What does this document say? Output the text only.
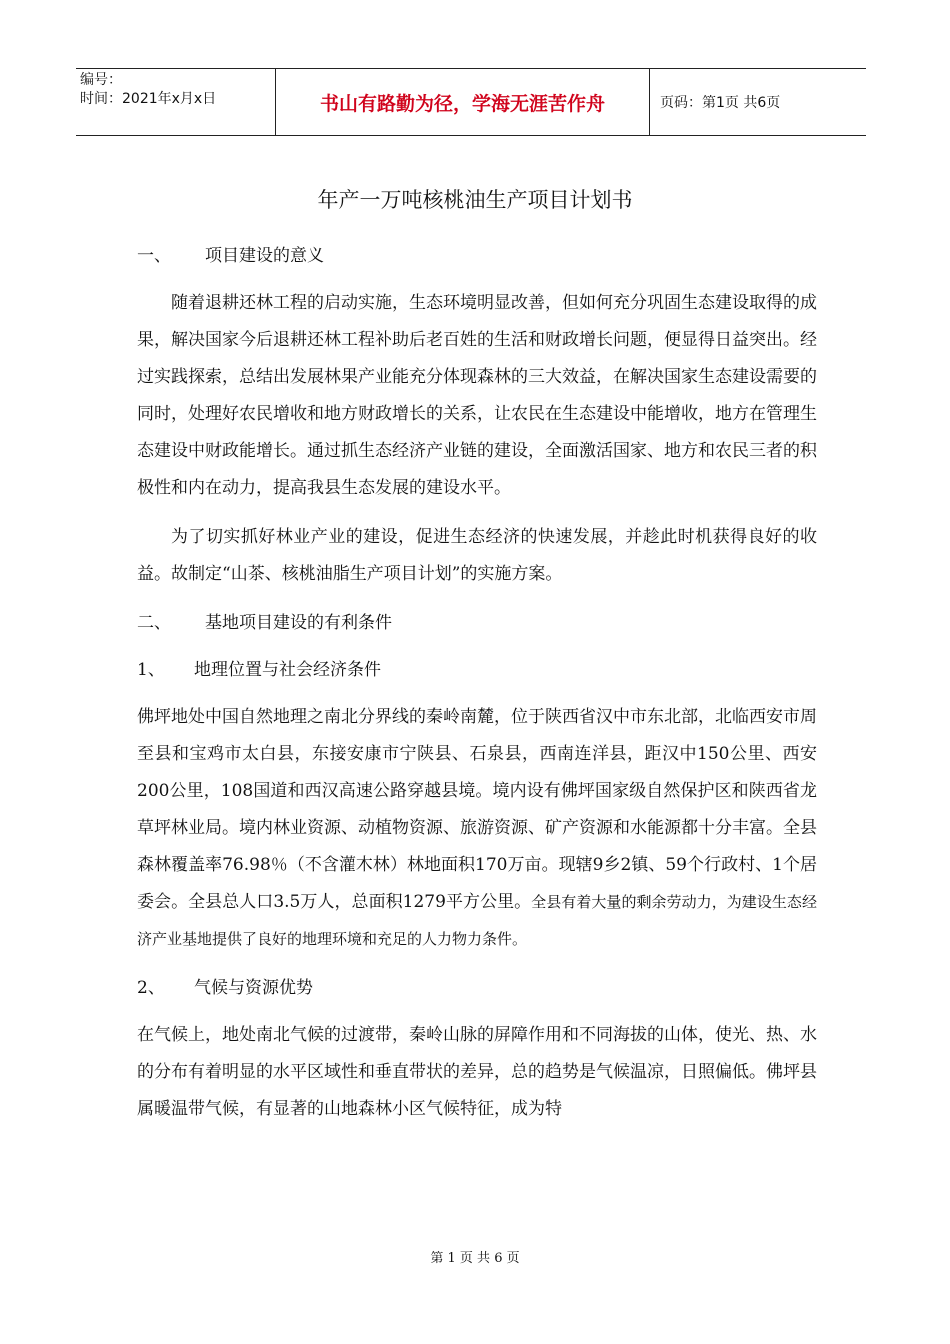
编号：
时间：2021年x月x日	书山有路勤为径，学海无涯苦作舟	页码：第1页 共6页
年产一万吨核桃油生产项目计划书
一、	项目建设的意义

随着退耕还林工程的启动实施，生态环境明显改善，但如何充分巩固生态建设取得的成果，解决国家今后退耕还林工程补助后老百姓的生活和财政增长问题，便显得日益突出。经过实践探索，总结出发展林果产业能充分体现森林的三大效益，在解决国家生态建设需要的同时，处理好农民增收和地方财政增长的关系，让农民在生态建设中能增收，地方在管理生态建设中财政能增长。通过抓生态经济产业链的建设，全面激活国家、地方和农民三者的积极性和内在动力，提高我县生态发展的建设水平。

为了切实抓好林业产业的建设，促进生态经济的快速发展，并趁此时机获得良好的收益。故制定“山茶、核桃油脂生产项目计划”的实施方案。

二、	基地项目建设的有利条件
1、	地理位置与社会经济条件

佛坪地处中国自然地理之南北分界线的秦岭南麓，位于陕西省汉中市东北部，北临西安市周至县和宝鸡市太白县，东接安康市宁陕县、石泉县，西南连洋县，距汉中150公里、西安200公里，108国道和西汉高速公路穿越县境。境内设有佛坪国家级自然保护区和陕西省龙草坪林业局。境内林业资源、动植物资源、旅游资源、矿产资源和水能源都十分丰富。全县森林覆盖率76.98％（不含灌木林）林地面积170万亩。现辖9乡2镇、59个行政村、1个居委会。全县总人口3.5万人，总面积1279平方公里。全县有着大量的剩余劳动力，为建设生态经济产业基地提供了良好的地理环境和充足的人力物力条件。

2、	气候与资源优势

在气候上，地处南北气候的过渡带，秦岭山脉的屏障作用和不同海拔的山体，使光、热、水的分布有着明显的水平区域性和垂直带状的差异，总的趋势是气候温凉，日照偏低。佛坪县属暖温带气候，有显著的山地森林小区气候特征，成为特

第 1 页 共 6 页
